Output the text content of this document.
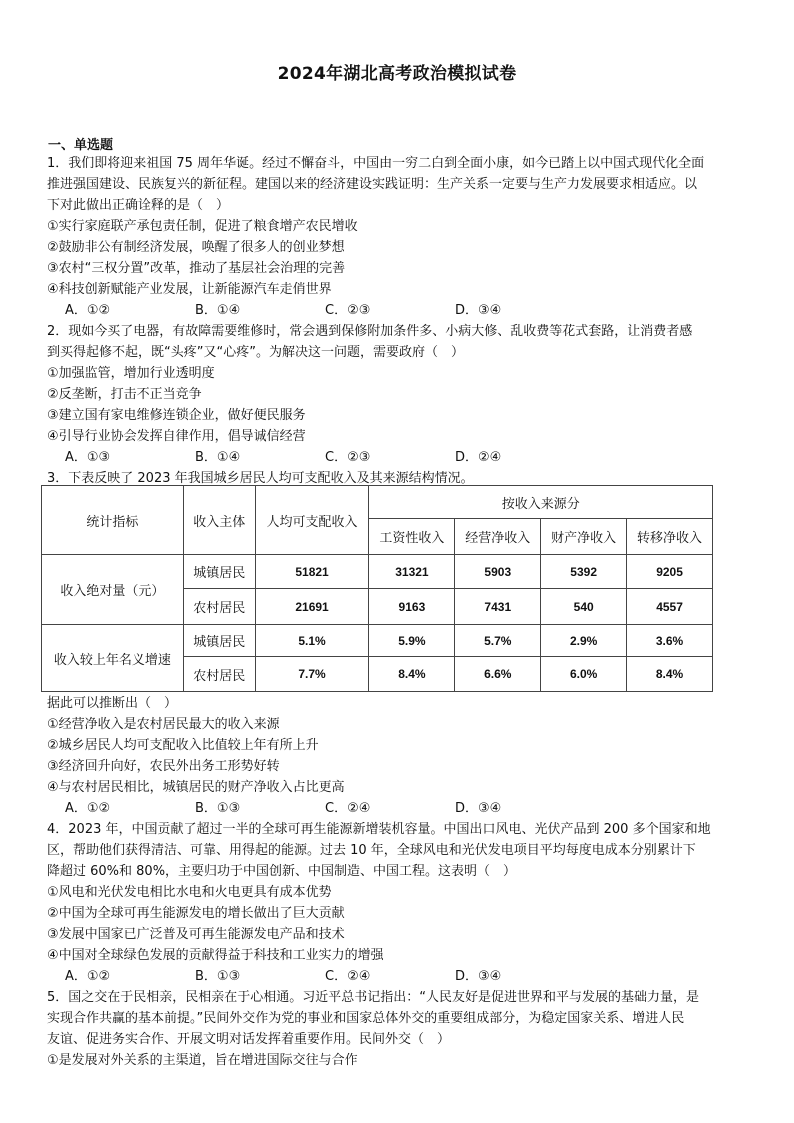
2024年湖北高考政治模拟试卷
一、单选题

1．我们即将迎来祖国 75 周年华诞。经过不懈奋斗，中国由一穷二白到全面小康，如今已踏上以中国式现代化全面

推进强国建设、民族复兴的新征程。建国以来的经济建设实践证明：生产关系一定要与生产力发展要求相适应。以

下对此做出正确诠释的是（　）

①实行家庭联产承包责任制，促进了粮食增产农民增收

②鼓励非公有制经济发展，唤醒了很多人的创业梦想

③农村“三权分置”改革，推动了基层社会治理的完善

④科技创新赋能产业发展，让新能源汽车走俏世界

A．①②	B．①④	C．②③	D．③④

2．现如今买了电器，有故障需要维修时，常会遇到保修附加条件多、小病大修、乱收费等花式套路，让消费者感

到买得起修不起，既“头疼”又“心疼”。为解决这一问题，需要政府（　）

①加强监管，增加行业透明度

②反垄断，打击不正当竞争

③建立国有家电维修连锁企业，做好便民服务

④引导行业协会发挥自律作用，倡导诚信经营

A．①③	B．①④	C．②③	D．②④

3．下表反映了 2023 年我国城乡居民人均可支配收入及其来源结构情况。

统计指标	收入主体	人均可支配收入	按收入来源分			
			工资性收入	经营净收入	财产净收入	转移净收入
收入绝对量（元）	城镇居民	51821	31321	5903	5392	9205
	农村居民	21691	9163	7431	540	4557
收入较上年名义增速	城镇居民	5.1%	5.9%	5.7%	2.9%	3.6%
	农村居民	7.7%	8.4%	6.6%	6.0%	8.4%

据此可以推断出（　）

①经营净收入是农村居民最大的收入来源

②城乡居民人均可支配收入比值较上年有所上升

③经济回升向好，农民外出务工形势好转

④与农村居民相比，城镇居民的财产净收入占比更高

A．①②	B．①③	C．②④	D．③④

4．2023 年，中国贡献了超过一半的全球可再生能源新增装机容量。中国出口风电、光伏产品到 200 多个国家和地

区，帮助他们获得清洁、可靠、用得起的能源。过去 10 年，全球风电和光伏发电项目平均每度电成本分别累计下

降超过 60%和 80%，主要归功于中国创新、中国制造、中国工程。这表明（　）

①风电和光伏发电相比水电和火电更具有成本优势

②中国为全球可再生能源发电的增长做出了巨大贡献

③发展中国家已广泛普及可再生能源发电产品和技术

④中国对全球绿色发展的贡献得益于科技和工业实力的增强

A．①②	B．①③	C．②④	D．③④

5．国之交在于民相亲，民相亲在于心相通。习近平总书记指出：“人民友好是促进世界和平与发展的基础力量，是

实现合作共赢的基本前提。”民间外交作为党的事业和国家总体外交的重要组成部分，为稳定国家关系、增进人民

友谊、促进务实合作、开展文明对话发挥着重要作用。民间外交（　）

①是发展对外关系的主渠道，旨在增进国际交往与合作
